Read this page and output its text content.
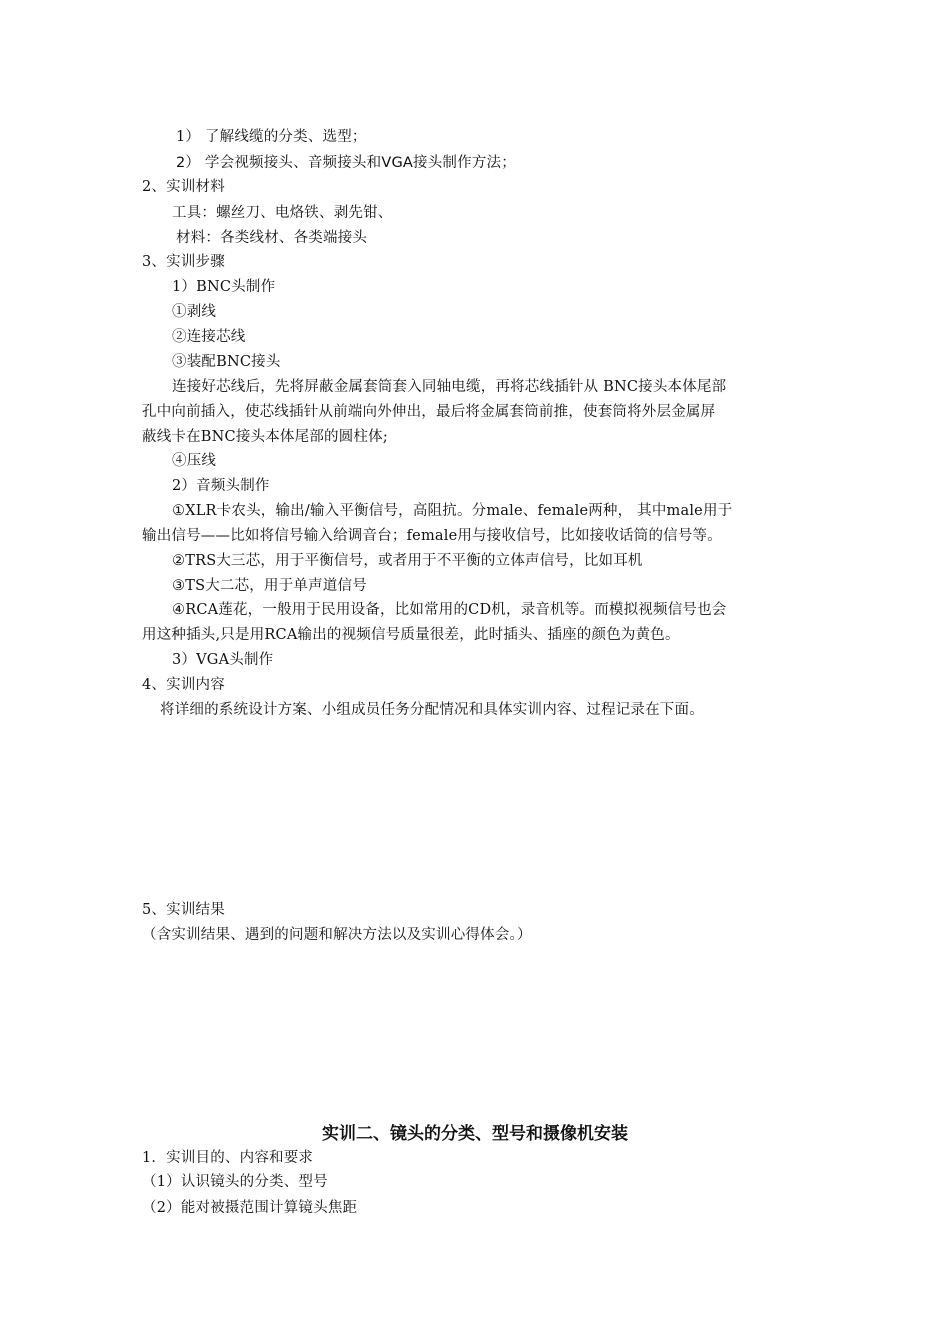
1） 了解线缆的分类、选型；
2） 学会视频接头、音频接头和VGA接头制作方法；
2、实训材料
工具：螺丝刀、电烙铁、剥先钳、
材料：各类线材、各类端接头
3、实训步骤
1）BNC头制作
①剥线
②连接芯线
③装配BNC接头
连接好芯线后，先将屏蔽金属套筒套入同轴电缆，再将芯线插针从 BNC接头本体尾部
孔中向前插入，使芯线插针从前端向外伸出，最后将金属套筒前推，使套筒将外层金属屏
蔽线卡在BNC接头本体尾部的圆柱体;
④压线
2）音频头制作
①XLR卡农头，输出/输入平衡信号，高阻抗。分male、female两种， 其中male用于
输出信号——比如将信号输入给调音台；female用与接收信号，比如接收话筒的信号等。
②TRS大三芯，用于平衡信号，或者用于不平衡的立体声信号，比如耳机
③TS大二芯，用于单声道信号
④RCA莲花，一般用于民用设备，比如常用的CD机，录音机等。而模拟视频信号也会
用这种插头,只是用RCA输出的视频信号质量很差，此时插头、插座的颜色为黄色。
3）VGA头制作
4、实训内容
将详细的系统设计方案、小组成员任务分配情况和具体实训内容、过程记录在下面。
5、实训结果
（含实训结果、遇到的问题和解决方法以及实训心得体会。）
实训二、镜头的分类、型号和摄像机安装
1．实训目的、内容和要求
（1）认识镜头的分类、型号
（2）能对被摄范围计算镜头焦距
